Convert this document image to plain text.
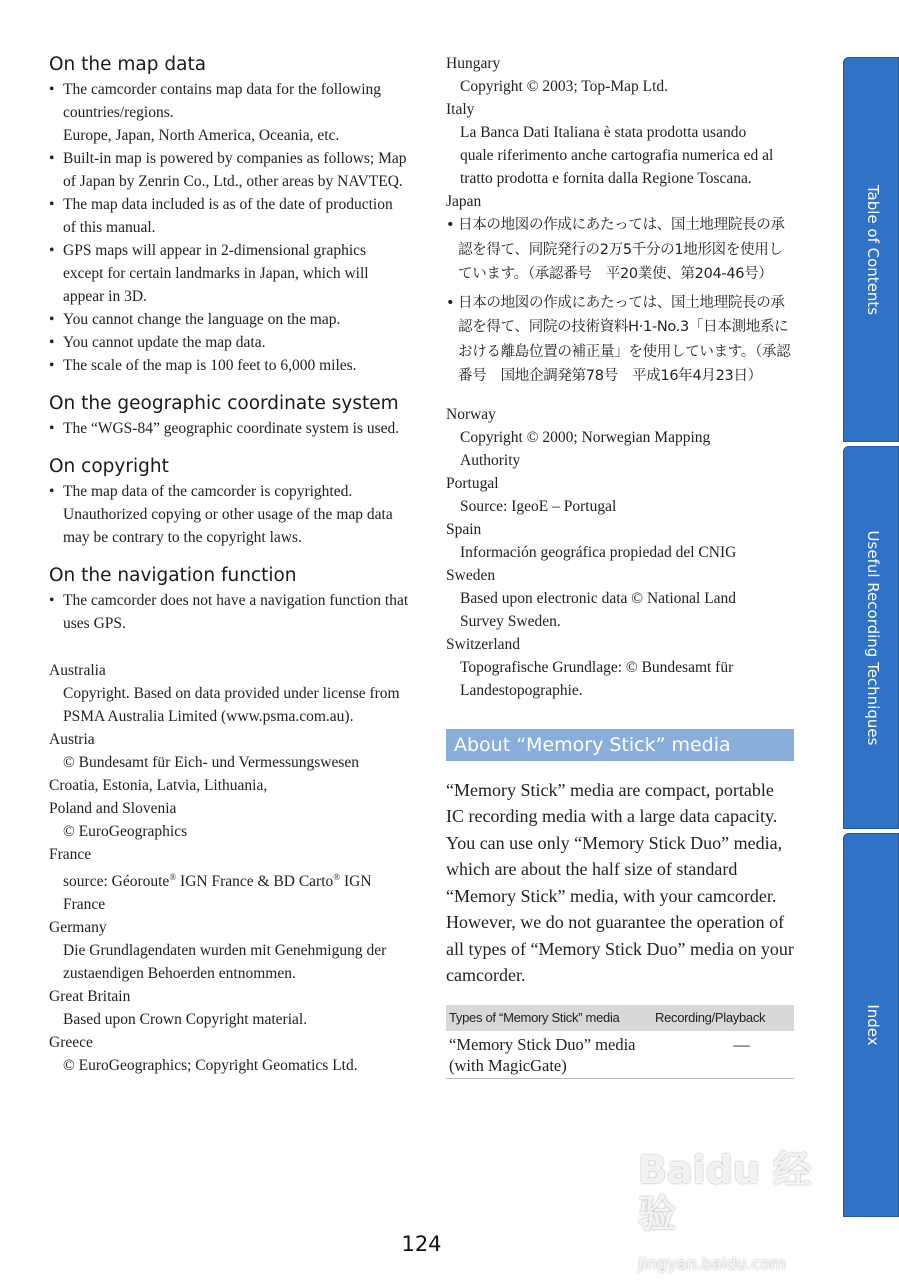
On the map data
• The camcorder contains map data for the following countries/regions.
Europe, Japan, North America, Oceania, etc.
• Built-in map is powered by companies as follows; Map of Japan by Zenrin Co., Ltd., other areas by NAVTEQ.
• The map data included is as of the date of production of this manual.
• GPS maps will appear in 2-dimensional graphics except for certain landmarks in Japan, which will appear in 3D.
• You cannot change the language on the map.
• You cannot update the map data.
• The scale of the map is 100 feet to 6,000 miles.
On the geographic coordinate system
• The “WGS-84” geographic coordinate system is used.
On copyright
• The map data of the camcorder is copyrighted. Unauthorized copying or other usage of the map data may be contrary to the copyright laws.
On the navigation function
• The camcorder does not have a navigation function that uses GPS.
Australia
Copyright. Based on data provided under license from PSMA Australia Limited (www.psma.com.au).
Austria
© Bundesamt für Eich- und Vermessungswesen
Croatia, Estonia, Latvia, Lithuania, Poland and Slovenia
© EuroGeographics
France
source: Géoroute® IGN France & BD Carto® IGN France
Germany
Die Grundlagendaten wurden mit Genehmigung der zustaendigen Behoerden entnommen.
Great Britain
Based upon Crown Copyright material.
Greece
© EuroGeographics; Copyright Geomatics Ltd.
Hungary
Copyright © 2003; Top-Map Ltd.
Italy
La Banca Dati Italiana è stata prodotta usando quale riferimento anche cartografia numerica ed al tratto prodotta e fornita dalla Regione Toscana.
Japan
• 日本の地図の作成にあたっては、国土地理院長の承認を得て、同院発行の2万5千分の1地形図を使用しています。（承認番号　平20業使、第204-46号）
• 日本の地図の作成にあたっては、国土地理院長の承認を得て、同院の技術資料H·1-No.3「日本測地系における離島位置の補正量」を使用しています。（承認番号　国地企調発第78号　平成16年4月23日）
Norway
Copyright © 2000; Norwegian Mapping Authority
Portugal
Source: IgeoE – Portugal
Spain
Información geográfica propiedad del CNIG
Sweden
Based upon electronic data © National Land Survey Sweden.
Switzerland
Topografische Grundlage: © Bundesamt für Landestopographie.
About “Memory Stick” media
“Memory Stick” media are compact, portable IC recording media with a large data capacity.
You can use only “Memory Stick Duo” media, which are about the half size of standard “Memory Stick” media, with your camcorder.
However, we do not guarantee the operation of all types of “Memory Stick Duo” media on your camcorder.
Types of “Memory Stick” media	Recording/Playback
“Memory Stick Duo” media (with MagicGate)	—
Table of Contents
Useful Recording Techniques
Index
124
Baidu 经验
jingyan.baidu.com
